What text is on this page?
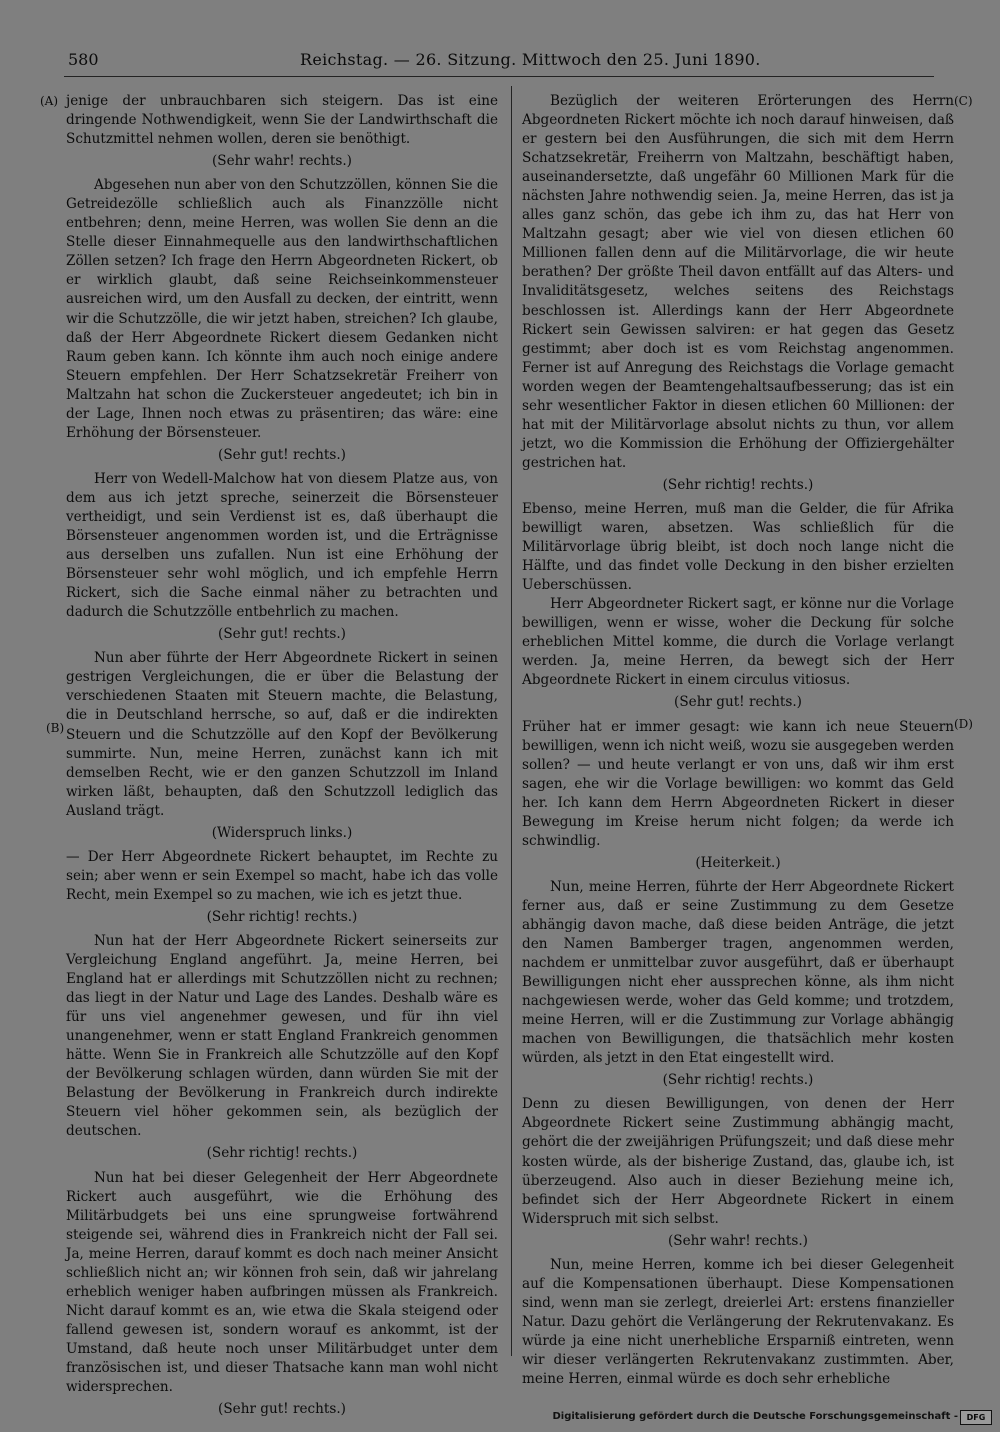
580	Reichstag. — 26. Sitzung. Mittwoch den 25. Juni 1890.
(A)
(B)
(C)
(D)

jenige der unbrauchbaren sich steigern. Das ist eine dringende Nothwendigkeit, wenn Sie der Landwirthschaft die Schutzmittel nehmen wollen, deren sie benöthigt.

(Sehr wahr! rechts.)

Abgesehen nun aber von den Schutzzöllen, können Sie die Getreidezölle schließlich auch als Finanzzölle nicht entbehren; denn, meine Herren, was wollen Sie denn an die Stelle dieser Einnahmequelle aus den landwirthschaftlichen Zöllen setzen? Ich frage den Herrn Abgeordneten Rickert, ob er wirklich glaubt, daß seine Reichseinkommensteuer ausreichen wird, um den Ausfall zu decken, der eintritt, wenn wir die Schutzzölle, die wir jetzt haben, streichen? Ich glaube, daß der Herr Abgeordnete Rickert diesem Gedanken nicht Raum geben kann. Ich könnte ihm auch noch einige andere Steuern empfehlen. Der Herr Schatzsekretär Freiherr von Maltzahn hat schon die Zuckersteuer angedeutet; ich bin in der Lage, Ihnen noch etwas zu präsentiren; das wäre: eine Erhöhung der Börsensteuer.

(Sehr gut! rechts.)

Herr von Wedell-Malchow hat von diesem Platze aus, von dem aus ich jetzt spreche, seinerzeit die Börsensteuer vertheidigt, und sein Verdienst ist es, daß überhaupt die Börsensteuer angenommen worden ist, und die Erträgnisse aus derselben uns zufallen. Nun ist eine Erhöhung der Börsensteuer sehr wohl möglich, und ich empfehle Herrn Rickert, sich die Sache einmal näher zu betrachten und dadurch die Schutzzölle entbehrlich zu machen.

(Sehr gut! rechts.)

Nun aber führte der Herr Abgeordnete Rickert in seinen gestrigen Vergleichungen, die er über die Belastung der verschiedenen Staaten mit Steuern machte, die Belastung, die in Deutschland herrsche, so auf, daß er die indirekten Steuern und die Schutzzölle auf den Kopf der Bevölkerung summirte. Nun, meine Herren, zunächst kann ich mit demselben Recht, wie er den ganzen Schutzzoll im Inland wirken läßt, behaupten, daß den Schutzzoll lediglich das Ausland trägt.

(Widerspruch links.)

— Der Herr Abgeordnete Rickert behauptet, im Rechte zu sein; aber wenn er sein Exempel so macht, habe ich das volle Recht, mein Exempel so zu machen, wie ich es jetzt thue.

(Sehr richtig! rechts.)

Nun hat der Herr Abgeordnete Rickert seinerseits zur Vergleichung England angeführt. Ja, meine Herren, bei England hat er allerdings mit Schutzzöllen nicht zu rechnen; das liegt in der Natur und Lage des Landes. Deshalb wäre es für uns viel angenehmer gewesen, und für ihn viel unangenehmer, wenn er statt England Frankreich genommen hätte. Wenn Sie in Frankreich alle Schutzzölle auf den Kopf der Bevölkerung schlagen würden, dann würden Sie mit der Belastung der Bevölkerung in Frankreich durch indirekte Steuern viel höher gekommen sein, als bezüglich der deutschen.

(Sehr richtig! rechts.)

Nun hat bei dieser Gelegenheit der Herr Abgeordnete Rickert auch ausgeführt, wie die Erhöhung des Militärbudgets bei uns eine sprungweise fortwährend steigende sei, während dies in Frankreich nicht der Fall sei. Ja, meine Herren, darauf kommt es doch nach meiner Ansicht schließlich nicht an; wir können froh sein, daß wir jahrelang erheblich weniger haben aufbringen müssen als Frankreich. Nicht darauf kommt es an, wie etwa die Skala steigend oder fallend gewesen ist, sondern worauf es ankommt, ist der Umstand, daß heute noch unser Militärbudget unter dem französischen ist, und dieser Thatsache kann man wohl nicht widersprechen.

(Sehr gut! rechts.)

Bezüglich der weiteren Erörterungen des Herrn Abgeordneten Rickert möchte ich noch darauf hinweisen, daß er gestern bei den Ausführungen, die sich mit dem Herrn Schatzsekretär, Freiherrn von Maltzahn, beschäftigt haben, auseinandersetzte, daß ungefähr 60 Millionen Mark für die nächsten Jahre nothwendig seien. Ja, meine Herren, das ist ja alles ganz schön, das gebe ich ihm zu, das hat Herr von Maltzahn gesagt; aber wie viel von diesen etlichen 60 Millionen fallen denn auf die Militärvorlage, die wir heute berathen? Der größte Theil davon entfällt auf das Alters- und Invaliditätsgesetz, welches seitens des Reichstags beschlossen ist. Allerdings kann der Herr Abgeordnete Rickert sein Gewissen salviren: er hat gegen das Gesetz gestimmt; aber doch ist es vom Reichstag angenommen. Ferner ist auf Anregung des Reichstags die Vorlage gemacht worden wegen der Beamtengehaltsaufbesserung; das ist ein sehr wesentlicher Faktor in diesen etlichen 60 Millionen: der hat mit der Militärvorlage absolut nichts zu thun, vor allem jetzt, wo die Kommission die Erhöhung der Offiziergehälter gestrichen hat.

(Sehr richtig! rechts.)

Ebenso, meine Herren, muß man die Gelder, die für Afrika bewilligt waren, absetzen. Was schließlich für die Militärvorlage übrig bleibt, ist doch noch lange nicht die Hälfte, und das findet volle Deckung in den bisher erzielten Ueberschüssen.

Herr Abgeordneter Rickert sagt, er könne nur die Vorlage bewilligen, wenn er wisse, woher die Deckung für solche erheblichen Mittel komme, die durch die Vorlage verlangt werden. Ja, meine Herren, da bewegt sich der Herr Abgeordnete Rickert in einem circulus vitiosus.

(Sehr gut! rechts.)

Früher hat er immer gesagt: wie kann ich neue Steuern bewilligen, wenn ich nicht weiß, wozu sie ausgegeben werden sollen? — und heute verlangt er von uns, daß wir ihm erst sagen, ehe wir die Vorlage bewilligen: wo kommt das Geld her. Ich kann dem Herrn Abgeordneten Rickert in dieser Bewegung im Kreise herum nicht folgen; da werde ich schwindlig.

(Heiterkeit.)

Nun, meine Herren, führte der Herr Abgeordnete Rickert ferner aus, daß er seine Zustimmung zu dem Gesetze abhängig davon mache, daß diese beiden Anträge, die jetzt den Namen Bamberger tragen, angenommen werden, nachdem er unmittelbar zuvor ausgeführt, daß er überhaupt Bewilligungen nicht eher aussprechen könne, als ihm nicht nachgewiesen werde, woher das Geld komme; und trotzdem, meine Herren, will er die Zustimmung zur Vorlage abhängig machen von Bewilligungen, die thatsächlich mehr kosten würden, als jetzt in den Etat eingestellt wird.

(Sehr richtig! rechts.)

Denn zu diesen Bewilligungen, von denen der Herr Abgeordnete Rickert seine Zustimmung abhängig macht, gehört die der zweijährigen Prüfungszeit; und daß diese mehr kosten würde, als der bisherige Zustand, das, glaube ich, ist überzeugend. Also auch in dieser Beziehung meine ich, befindet sich der Herr Abgeordnete Rickert in einem Widerspruch mit sich selbst.

(Sehr wahr! rechts.)

Nun, meine Herren, komme ich bei dieser Gelegenheit auf die Kompensationen überhaupt. Diese Kompensationen sind, wenn man sie zerlegt, dreierlei Art: erstens finanzieller Natur. Dazu gehört die Verlängerung der Rekrutenvakanz. Es würde ja eine nicht unerhebliche Ersparniß eintreten, wenn wir dieser verlängerten Rekrutenvakanz zustimmten. Aber, meine Herren, einmal würde es doch sehr erhebliche

Digitalisierung gefördert durch die Deutsche Forschungsgemeinschaft -	DFG
